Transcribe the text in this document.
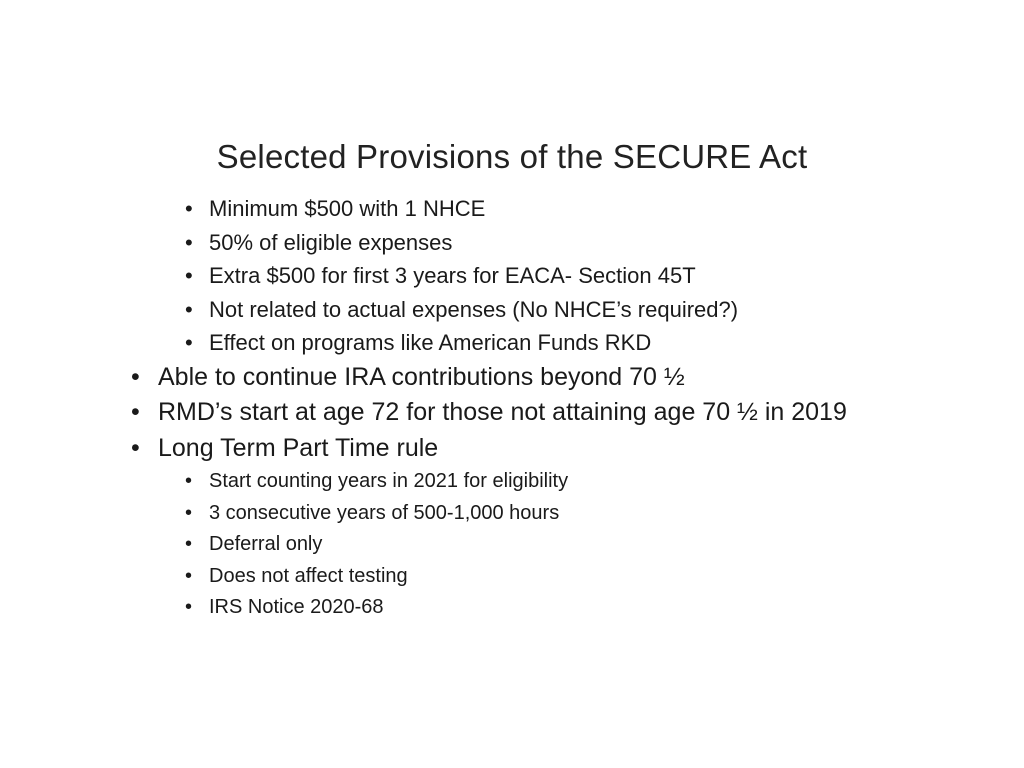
Selected Provisions of the SECURE Act
• Minimum $500 with 1 NHCE
• 50% of eligible expenses
• Extra $500 for first 3 years for EACA- Section 45T
• Not related to actual expenses (No NHCE’s required?)
• Effect on programs like American Funds RKD
• Able to continue IRA contributions beyond 70 ½
• RMD’s start at age 72 for those not attaining age 70 ½ in 2019
• Long Term Part Time rule
• Start counting years in 2021 for eligibility
• 3 consecutive years of 500-1,000 hours
• Deferral only
• Does not affect testing
• IRS Notice 2020-68
